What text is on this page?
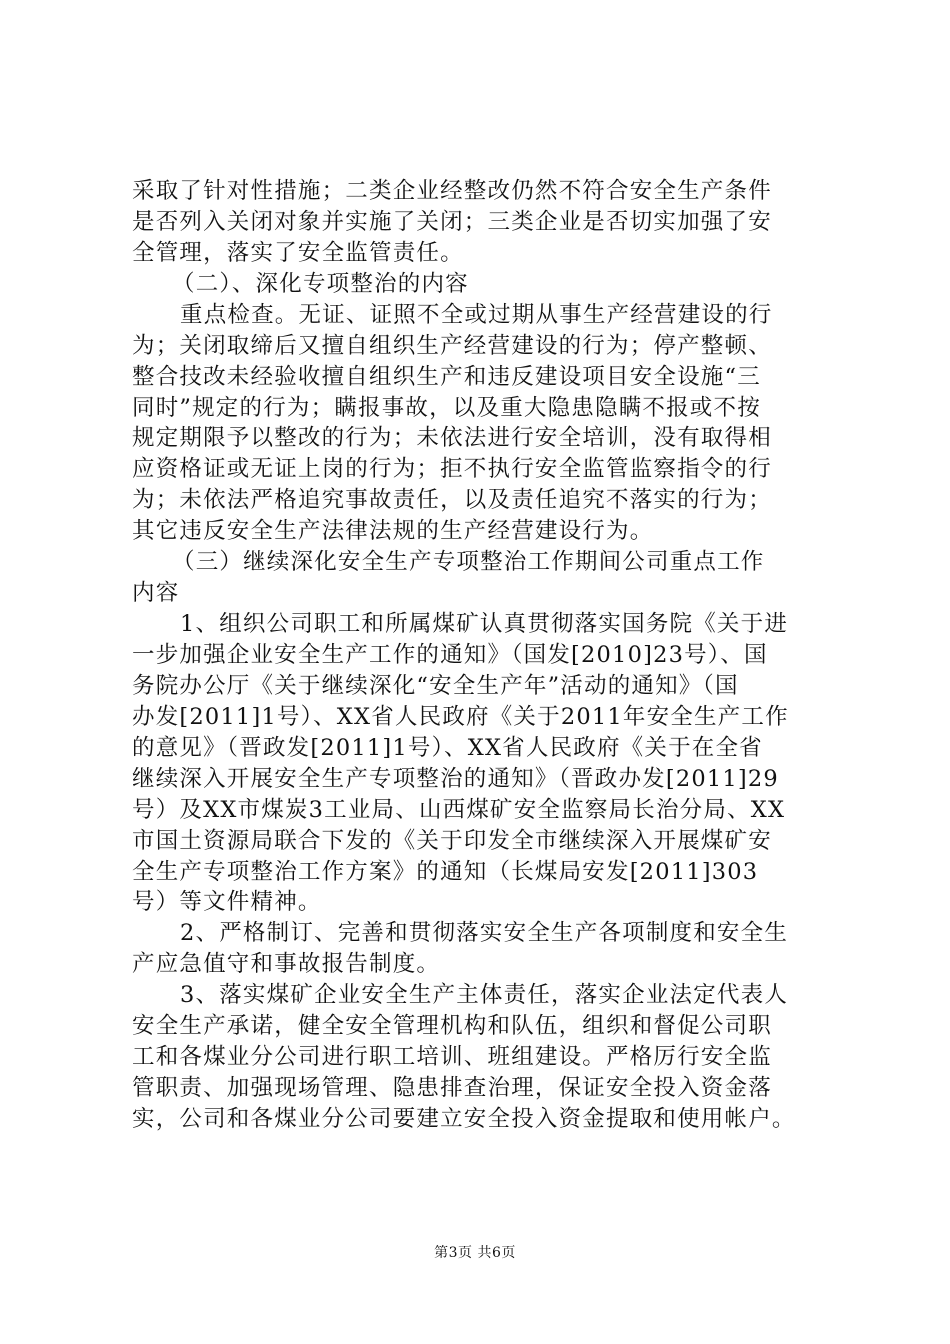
采取了针对性措施；二类企业经整改仍然不符合安全生产条件
是否列入关闭对象并实施了关闭；三类企业是否切实加强了安
全管理，落实了安全监管责任。
（二）、深化专项整治的内容
重点检查。无证、证照不全或过期从事生产经营建设的行
为；关闭取缔后又擅自组织生产经营建设的行为；停产整顿、
整合技改未经验收擅自组织生产和违反建设项目安全设施“三
同时”规定的行为；瞒报事故，以及重大隐患隐瞒不报或不按
规定期限予以整改的行为；未依法进行安全培训，没有取得相
应资格证或无证上岗的行为；拒不执行安全监管监察指令的行
为；未依法严格追究事故责任，以及责任追究不落实的行为；
其它违反安全生产法律法规的生产经营建设行为。
（三）继续深化安全生产专项整治工作期间公司重点工作
内容
1、组织公司职工和所属煤矿认真贯彻落实国务院《关于进
一步加强企业安全生产工作的通知》（国发[2010]23号）、国
务院办公厅《关于继续深化“安全生产年”活动的通知》（国
办发[2011]1号）、XX省人民政府《关于2011年安全生产工作
的意见》（晋政发[2011]1号）、XX省人民政府《关于在全省
继续深入开展安全生产专项整治的通知》（晋政办发[2011]29
号）及XX市煤炭3工业局、山西煤矿安全监察局长治分局、XX
市国土资源局联合下发的《关于印发全市继续深入开展煤矿安
全生产专项整治工作方案》的通知（长煤局安发[2011]303
号）等文件精神。
2、严格制订、完善和贯彻落实安全生产各项制度和安全生
产应急值守和事故报告制度。
3、落实煤矿企业安全生产主体责任，落实企业法定代表人
安全生产承诺，健全安全管理机构和队伍，组织和督促公司职
工和各煤业分公司进行职工培训、班组建设。严格厉行安全监
管职责、加强现场管理、隐患排查治理，保证安全投入资金落
实，公司和各煤业分公司要建立安全投入资金提取和使用帐户。
第3页 共6页
